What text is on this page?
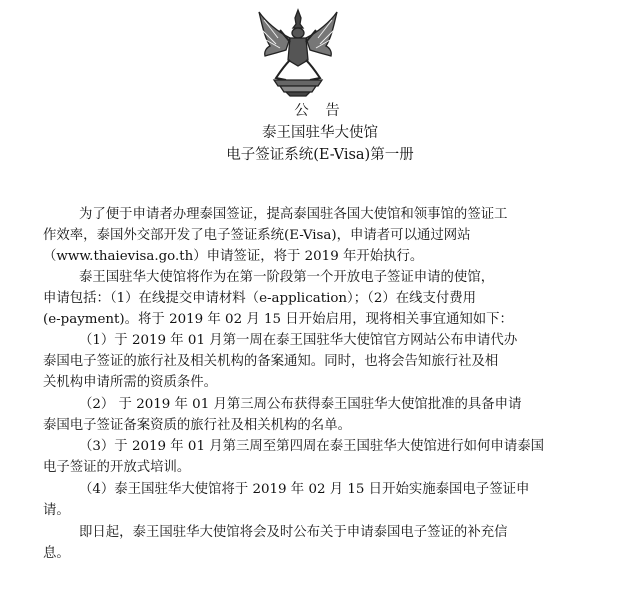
公 告
泰王国驻华大使馆
电子签证系统(E-Visa)第一册
为了便于申请者办理泰国签证，提高泰国驻各国大使馆和领事馆的签证工
作效率，泰国外交部开发了电子签证系统(E-Visa)，申请者可以通过网站
（www.thaievisa.go.th）申请签证，将于 2019 年开始执行。
泰王国驻华大使馆将作为在第一阶段第一个开放电子签证申请的使馆，
申请包括：（1）在线提交申请材料（e-application）；（2）在线支付费用
(e-payment)。将于 2019 年 02 月 15 日开始启用，现将相关事宜通知如下：
（1）于 2019 年 01 月第一周在泰王国驻华大使馆官方网站公布申请代办
泰国电子签证的旅行社及相关机构的备案通知。同时，也将会告知旅行社及相
关机构申请所需的资质条件。
（2） 于 2019 年 01 月第三周公布获得泰王国驻华大使馆批准的具备申请
泰国电子签证备案资质的旅行社及相关机构的名单。
（3）于 2019 年 01 月第三周至第四周在泰王国驻华大使馆进行如何申请泰国
电子签证的开放式培训。
（4）泰王国驻华大使馆将于 2019 年 02 月 15 日开始实施泰国电子签证申
请。
即日起，泰王国驻华大使馆将会及时公布关于申请泰国电子签证的补充信
息。
